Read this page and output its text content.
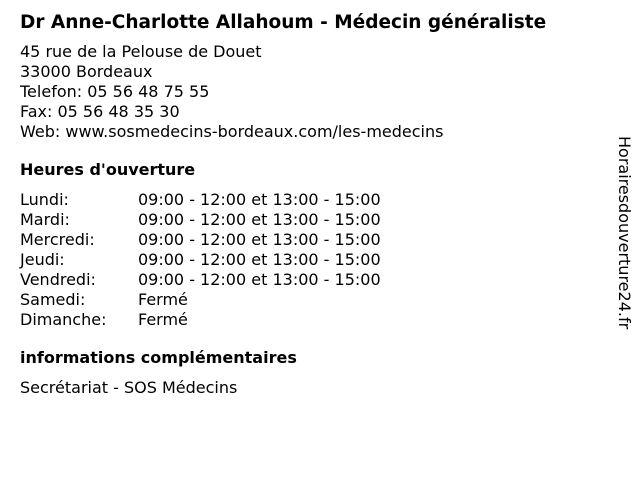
Dr Anne-Charlotte Allahoum - Médecin généraliste
45 rue de la Pelouse de Douet
33000 Bordeaux
Telefon: 05 56 48 75 55
Fax: 05 56 48 35 30
Web: www.sosmedecins-bordeaux.com/les-medecins
Heures d'ouverture
Lundi:	09:00 - 12:00 et 13:00 - 15:00
Mardi:	09:00 - 12:00 et 13:00 - 15:00
Mercredi:	09:00 - 12:00 et 13:00 - 15:00
Jeudi:	09:00 - 12:00 et 13:00 - 15:00
Vendredi:	09:00 - 12:00 et 13:00 - 15:00
Samedi:	Fermé
Dimanche:	Fermé
informations complémentaires
Secrétariat - SOS Médecins
Horairesdouverture24.fr
